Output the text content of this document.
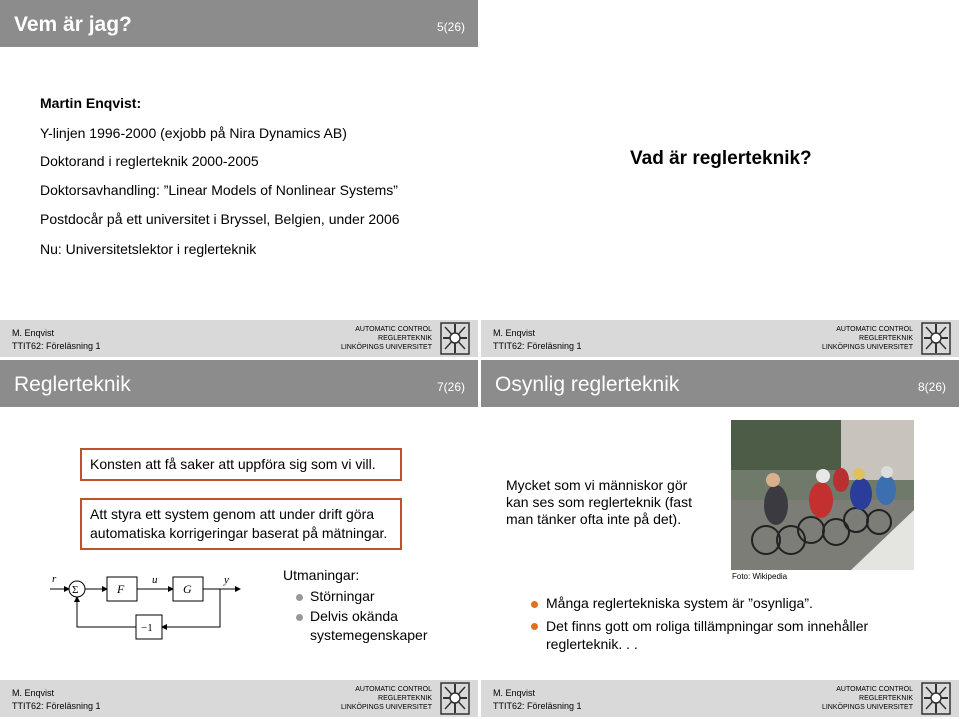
Vem är jag?	5(26)
Martin Enqvist:
Y-linjen 1996-2000 (exjobb på Nira Dynamics AB)
Doktorand i reglerteknik 2000-2005
Doktorsavhandling: ”Linear Models of Nonlinear Systems”
Postdocår på ett universitet i Bryssel, Belgien, under 2006
Nu: Universitetslektor i reglerteknik
M. Enqvist
TTIT62: Föreläsning 1
AUTOMATIC CONTROL
REGLERTEKNIK
LINKÖPINGS UNIVERSITET
Vad är reglerteknik?
M. Enqvist
TTIT62: Föreläsning 1
AUTOMATIC CONTROL
REGLERTEKNIK
LINKÖPINGS UNIVERSITET
Reglerteknik	7(26)
Konsten att få saker att uppföra sig som vi vill.
Att styra ett system genom att under drift göra
automatiska korrigeringar baserat på mätningar.
r
Σ	F
u
G
y
−1
Utmaningar:
Störningar
Delvis okända
systemegenskaper
M. Enqvist
TTIT62: Föreläsning 1
AUTOMATIC CONTROL
REGLERTEKNIK
LINKÖPINGS UNIVERSITET
Osynlig reglerteknik	8(26)
Mycket som vi människor gör
kan ses som reglerteknik (fast
man tänker ofta inte på det).
Foto: Wikipedia
Många reglertekniska system är ”osynliga”.
Det finns gott om roliga tillämpningar som innehåller
reglerteknik. . .
M. Enqvist
TTIT62: Föreläsning 1
AUTOMATIC CONTROL
REGLERTEKNIK
LINKÖPINGS UNIVERSITET
